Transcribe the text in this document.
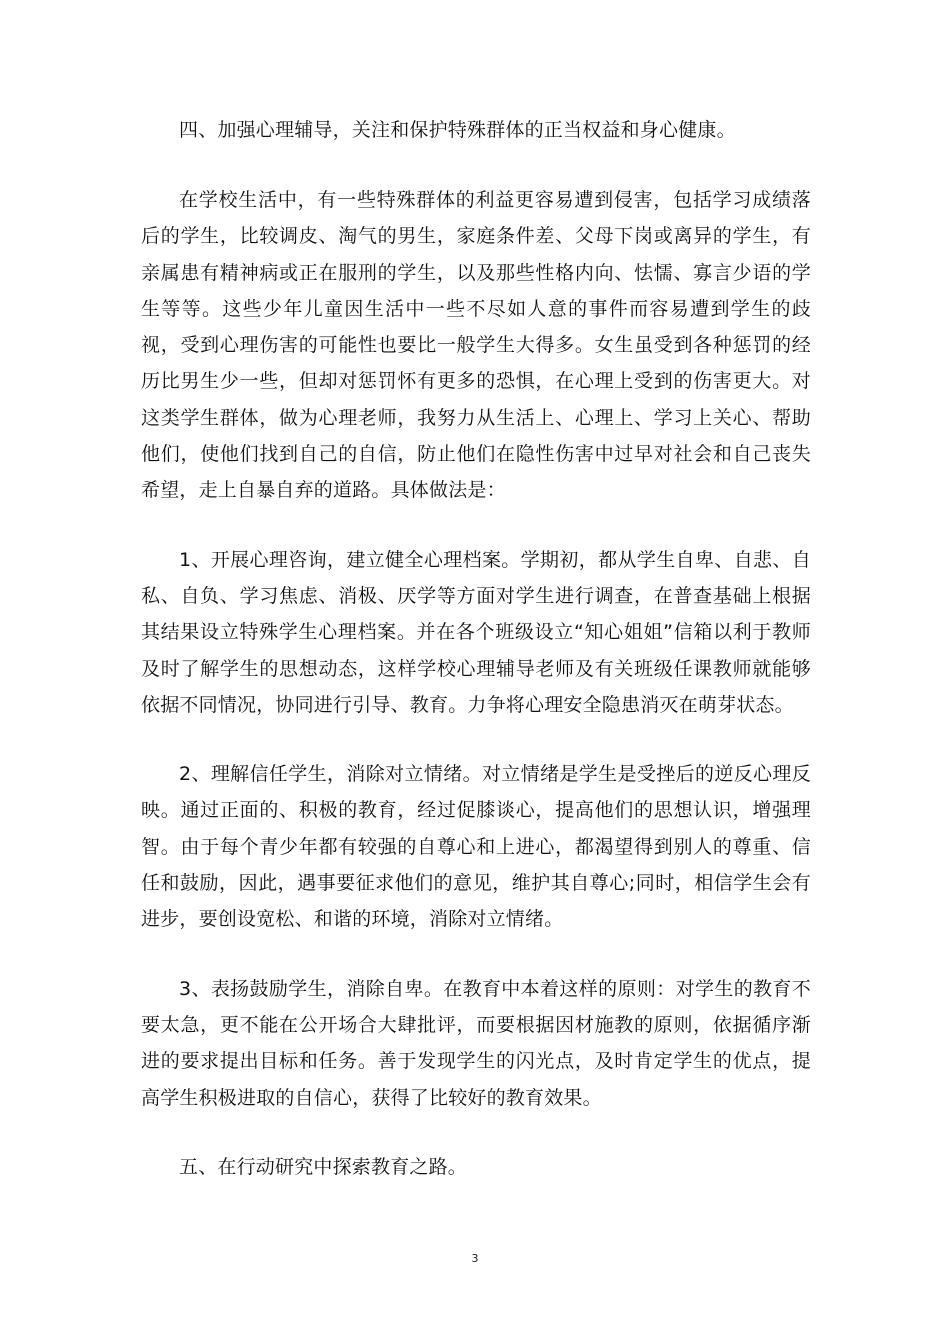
四、加强心理辅导，关注和保护特殊群体的正当权益和身心健康。

在学校生活中，有一些特殊群体的利益更容易遭到侵害，包括学习成绩落后的学生，比较调皮、淘气的男生，家庭条件差、父母下岗或离异的学生，有亲属患有精神病或正在服刑的学生，以及那些性格内向、怯懦、寡言少语的学生等等。这些少年儿童因生活中一些不尽如人意的事件而容易遭到学生的歧视，受到心理伤害的可能性也要比一般学生大得多。女生虽受到各种惩罚的经历比男生少一些，但却对惩罚怀有更多的恐惧，在心理上受到的伤害更大。对这类学生群体，做为心理老师，我努力从生活上、心理上、学习上关心、帮助他们，使他们找到自己的自信，防止他们在隐性伤害中过早对社会和自己丧失希望，走上自暴自弃的道路。具体做法是：

1、开展心理咨询，建立健全心理档案。学期初，都从学生自卑、自悲、自私、自负、学习焦虑、消极、厌学等方面对学生进行调查，在普查基础上根据其结果设立特殊学生心理档案。并在各个班级设立“知心姐姐”信箱以利于教师及时了解学生的思想动态，这样学校心理辅导老师及有关班级任课教师就能够依据不同情况，协同进行引导、教育。力争将心理安全隐患消灭在萌芽状态。

2、理解信任学生，消除对立情绪。对立情绪是学生是受挫后的逆反心理反映。通过正面的、积极的教育，经过促膝谈心，提高他们的思想认识，增强理智。由于每个青少年都有较强的自尊心和上进心，都渴望得到别人的尊重、信任和鼓励，因此，遇事要征求他们的意见，维护其自尊心;同时，相信学生会有进步，要创设宽松、和谐的环境，消除对立情绪。

3、表扬鼓励学生，消除自卑。在教育中本着这样的原则：对学生的教育不要太急，更不能在公开场合大肆批评，而要根据因材施教的原则，依据循序渐进的要求提出目标和任务。善于发现学生的闪光点，及时肯定学生的优点，提高学生积极进取的自信心，获得了比较好的教育效果。

五、在行动研究中探索教育之路。

3
